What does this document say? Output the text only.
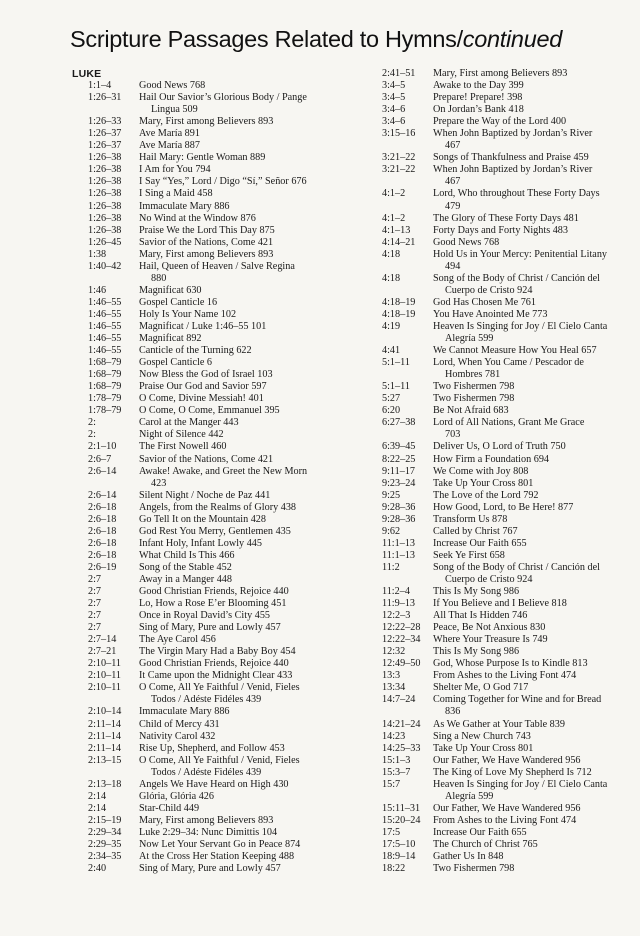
Scripture Passages Related to Hymns/continued
LUKE
1:1–4	Good News 768
1:26–31 Hail Our Savior’s Glorious Body / Pange
Lingua 509
1:26–33 Mary, First among Believers 893
1:26–37 Ave María 891
1:26–37 Ave María 887
1:26–38 Hail Mary: Gentle Woman 889
1:26–38 I Am for You 794
1:26–38 I Say “Yes,” Lord / Digo “Sí,” Señor 676
1:26–38 I Sing a Maid 458
1:26–38 Immaculate Mary 886
1:26–38 No Wind at the Window 876
1:26–38 Praise We the Lord This Day 875
1:26–45 Savior of the Nations, Come 421
1:38	Mary, First among Believers 893
1:40–42 Hail, Queen of Heaven / Salve Regina
880
1:46	Magnificat 630
1:46–55 Gospel Canticle 16
1:46–55 Holy Is Your Name 102
1:46–55 Magnificat / Luke 1:46–55 101
1:46–55 Magnificat 892
1:46–55 Canticle of the Turning 622
1:68–79 Gospel Canticle 6
1:68–79 Now Bless the God of Israel 103
1:68–79 Praise Our God and Savior 597
1:78–79 O Come, Divine Messiah! 401
1:78–79 O Come, O Come, Emmanuel 395
2:	Carol at the Manger 443
2:	Night of Silence 442
2:1–10 The First Nowell 460
2:6–7	Savior of the Nations, Come 421
2:6–14 Awake! Awake, and Greet the New Morn
423
2:6–14 Silent Night / Noche de Paz 441
2:6–18 Angels, from the Realms of Glory 438
2:6–18 Go Tell It on the Mountain 428
2:6–18 God Rest You Merry, Gentlemen 435
2:6–18 Infant Holy, Infant Lowly 445
2:6–18 What Child Is This 466
2:6–19 Song of the Stable 452
2:7	Away in a Manger 448
2:7	Good Christian Friends, Rejoice 440
2:7	Lo, How a Rose E’er Blooming 451
2:7	Once in Royal David’s City 455
2:7	Sing of Mary, Pure and Lowly 457
2:7–14 The Aye Carol 456
2:7–21 The Virgin Mary Had a Baby Boy 454
2:10–11 Good Christian Friends, Rejoice 440
2:10–11 It Came upon the Midnight Clear 433
2:10–11 O Come, All Ye Faithful / Venid, Fieles
Todos / Adéste Fidéles 439
2:10–14 Immaculate Mary 886
2:11–14 Child of Mercy 431
2:11–14 Nativity Carol 432
2:11–14 Rise Up, Shepherd, and Follow 453
2:13–15 O Come, All Ye Faithful / Venid, Fieles
Todos / Adéste Fidéles 439
2:13–18 Angels We Have Heard on High 430
2:14	Glória, Glória 426
2:14	Star-Child 449
2:15–19 Mary, First among Believers 893
2:29–34 Luke 2:29–34: Nunc Dimittis 104
2:29–35 Now Let Your Servant Go in Peace 874
2:34–35 At the Cross Her Station Keeping 488
2:40	Sing of Mary, Pure and Lowly 457
2:41–51 Mary, First among Believers 893
3:4–5	Awake to the Day 399
3:4–5	Prepare! Prepare! 398
3:4–6	On Jordan’s Bank 418
3:4–6	Prepare the Way of the Lord 400
3:15–16 When John Baptized by Jordan’s River
467
3:21–22 Songs of Thankfulness and Praise 459
3:21–22 When John Baptized by Jordan’s River
467
4:1–2	Lord, Who throughout These Forty Days
479
4:1–2	The Glory of These Forty Days 481
4:1–13 Forty Days and Forty Nights 483
4:14–21 Good News 768
4:18	Hold Us in Your Mercy: Penitential Litany
494
4:18	Song of the Body of Christ / Canción del
Cuerpo de Cristo 924
4:18–19 God Has Chosen Me 761
4:18–19 You Have Anointed Me 773
4:19	Heaven Is Singing for Joy / El Cielo Canta
Alegría 599
4:41	We Cannot Measure How You Heal 657
5:1–11 Lord, When You Came / Pescador de
Hombres 781
5:1–11 Two Fishermen 798
5:27	Two Fishermen 798
6:20	Be Not Afraid 683
6:27–38 Lord of All Nations, Grant Me Grace
703
6:39–45 Deliver Us, O Lord of Truth 750
8:22–25 How Firm a Foundation 694
9:11–17 We Come with Joy 808
9:23–24 Take Up Your Cross 801
9:25	The Love of the Lord 792
9:28–36 How Good, Lord, to Be Here! 877
9:28–36 Transform Us 878
9:62	Called by Christ 767
11:1–13 Increase Our Faith 655
11:1–13 Seek Ye First 658
11:2	Song of the Body of Christ / Canción del
Cuerpo de Cristo 924
11:2–4 This Is My Song 986
11:9–13 If You Believe and I Believe 818
12:2–3 All That Is Hidden 746
12:22–28 Peace, Be Not Anxious 830
12:22–34 Where Your Treasure Is 749
12:32	This Is My Song 986
12:49–50 God, Whose Purpose Is to Kindle 813
13:3	From Ashes to the Living Font 474
13:34	Shelter Me, O God 717
14:7–24 Coming Together for Wine and for Bread
836
14:21–24 As We Gather at Your Table 839
14:23	Sing a New Church 743
14:25–33 Take Up Your Cross 801
15:1–3 Our Father, We Have Wandered 956
15:3–7 The King of Love My Shepherd Is 712
15:7	Heaven Is Singing for Joy / El Cielo Canta
Alegría 599
15:11–31 Our Father, We Have Wandered 956
15:20–24 From Ashes to the Living Font 474
17:5	Increase Our Faith 655
17:5–10 The Church of Christ 765
18:9–14 Gather Us In 848
18:22	Two Fishermen 798
